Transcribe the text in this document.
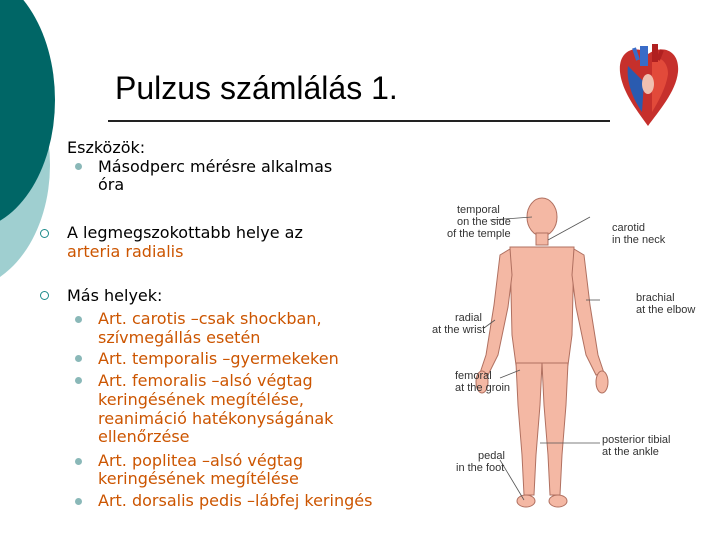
Pulzus számlálás 1.
Eszközök:
Másodperc mérésre alkalmas
óra
A legmegszokottabb helye az
arteria radialis
Más helyek:
Art. carotis –csak shockban,
szívmegállás esetén
Art. temporalis –gyermekeken
Art. femoralis –alsó végtag
keringésének megítélése,
reanimáció hatékonyságának
ellenőrzése
Art. poplitea –alsó végtag
keringésének megítélése
Art. dorsalis pedis –lábfej keringés
temporal
on the side
of the temple	carotid
in the neck
brachial
at the elbow
radial
at the wrist
femoral
at the groin
posterior tibial
at the ankle
pedal
in the foot
